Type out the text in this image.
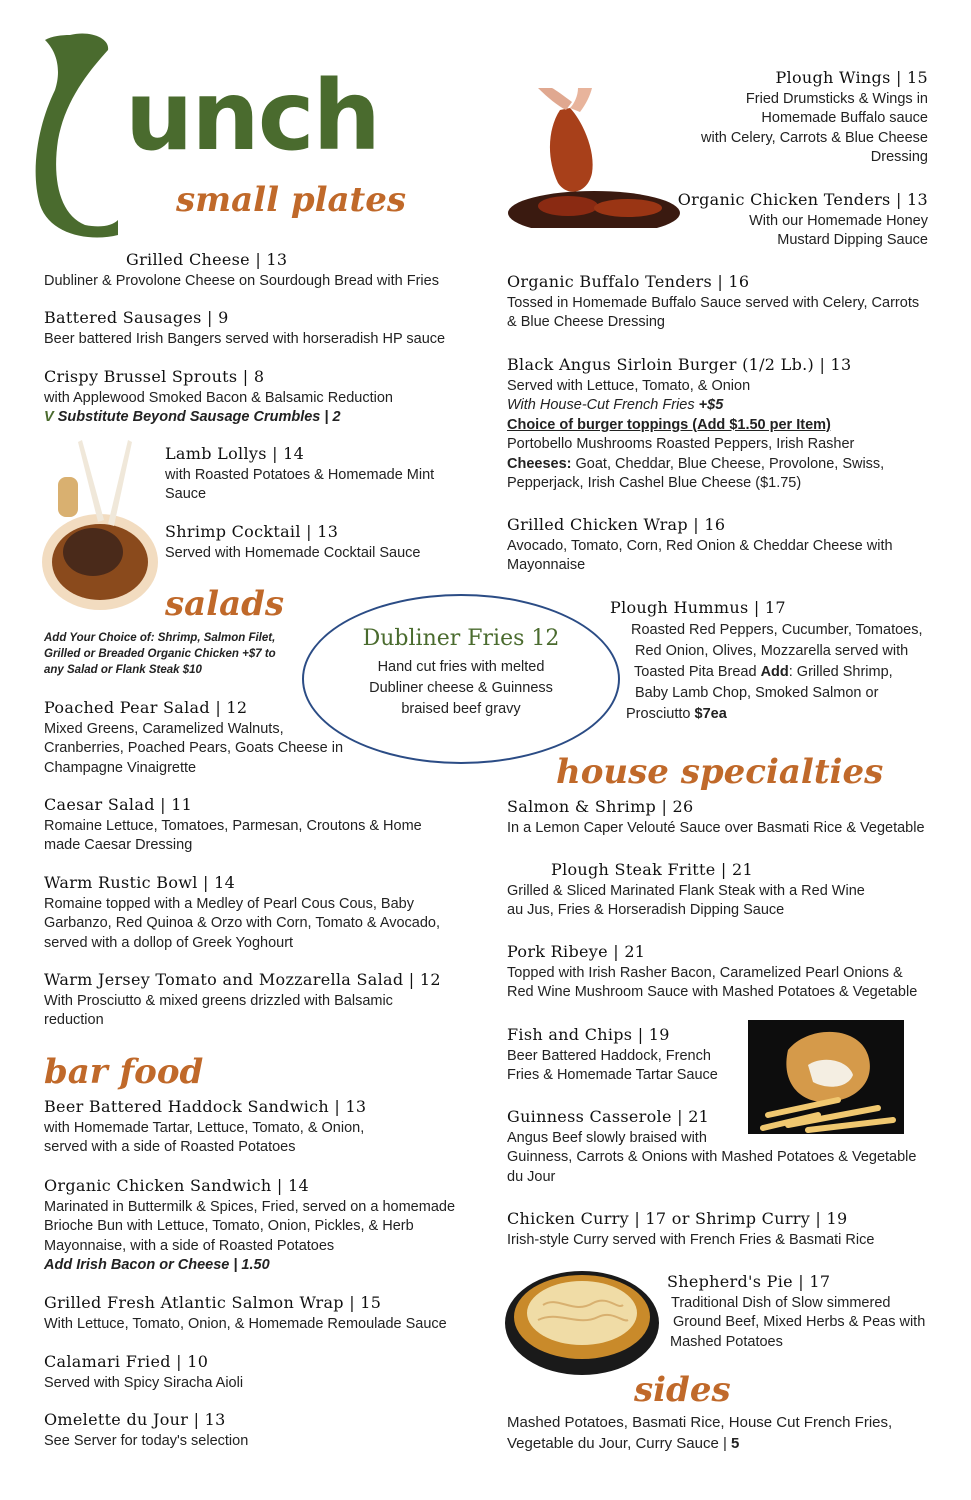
L
unch
small plates
Plough Wings | 15
Fried Drumsticks & Wings in
Homemade Buffalo sauce
with Celery, Carrots & Blue Cheese
Dressing
Organic Chicken Tenders | 13
With our Homemade Honey
Mustard Dipping Sauce
Grilled Cheese | 13
Dubliner & Provolone Cheese on Sourdough Bread with Fries
Battered Sausages | 9
Beer battered Irish Bangers served with horseradish HP sauce
Crispy Brussel Sprouts | 8
with Applewood Smoked Bacon & Balsamic Reduction
V Substitute Beyond Sausage Crumbles | 2
Lamb Lollys | 14
with Roasted Potatoes & Homemade Mint
Sauce
Shrimp Cocktail | 13
Served with Homemade Cocktail Sauce
Organic Buffalo Tenders | 16
Tossed in Homemade Buffalo Sauce served with Celery, Carrots
& Blue Cheese Dressing
Black Angus Sirloin Burger (1/2 Lb.) | 13
Served with Lettuce, Tomato, & Onion
With House-Cut French Fries +$5
Choice of burger toppings (Add $1.50 per Item)
Portobello Mushrooms Roasted Peppers, Irish Rasher
Cheeses: Goat, Cheddar, Blue Cheese, Provolone, Swiss,
Pepperjack, Irish Cashel Blue Cheese ($1.75)
Grilled Chicken Wrap | 16
Avocado, Tomato, Corn, Red Onion & Cheddar Cheese with
Mayonnaise
salads
Add Your Choice of: Shrimp, Salmon Filet,
Grilled or Breaded Organic Chicken +$7 to
any Salad or Flank Steak $10
Dubliner Fries 12
Hand cut fries with melted
Dubliner cheese & Guinness
braised beef gravy
Plough Hummus | 17
Roasted Red Peppers, Cucumber, Tomatoes,
Red Onion, Olives, Mozzarella served with
Toasted Pita Bread Add: Grilled Shrimp,
Baby Lamb Chop, Smoked Salmon or
Prosciutto $7ea
Poached Pear Salad | 12
Mixed Greens, Caramelized Walnuts,
Cranberries, Poached Pears, Goats Cheese in
Champagne Vinaigrette
Caesar Salad | 11
Romaine Lettuce, Tomatoes, Parmesan, Croutons & Home
made Caesar Dressing
Warm Rustic Bowl | 14
Romaine topped with a Medley of Pearl Cous Cous, Baby
Garbanzo, Red Quinoa & Orzo with Corn, Tomato & Avocado,
served with a dollop of Greek Yoghourt
Warm Jersey Tomato and Mozzarella Salad | 12
With Prosciutto & mixed greens drizzled with Balsamic
reduction
house specialties
Salmon & Shrimp | 26
In a Lemon Caper Velouté Sauce over Basmati Rice & Vegetable
Plough Steak Fritte | 21
Grilled & Sliced Marinated Flank Steak with a Red Wine
au Jus, Fries & Horseradish Dipping Sauce
Pork Ribeye | 21
Topped with Irish Rasher Bacon, Caramelized Pearl Onions &
Red Wine Mushroom Sauce with Mashed Potatoes & Vegetable
Fish and Chips | 19
Beer Battered Haddock, French
Fries & Homemade Tartar Sauce
Guinness Casserole | 21
Angus Beef slowly braised with
Guinness, Carrots & Onions with Mashed Potatoes & Vegetable
du Jour
Chicken Curry | 17 or Shrimp Curry | 19
Irish-style Curry served with French Fries & Basmati Rice
Shepherd's Pie | 17
Traditional Dish of Slow simmered
Ground Beef, Mixed Herbs & Peas with
Mashed Potatoes
sides
Mashed Potatoes, Basmati Rice, House Cut French Fries,
Vegetable du Jour, Curry Sauce | 5
bar food
Beer Battered Haddock Sandwich | 13
with Homemade Tartar, Lettuce, Tomato, & Onion,
served with a side of Roasted Potatoes
Organic Chicken Sandwich | 14
Marinated in Buttermilk & Spices, Fried, served on a homemade
Brioche Bun with Lettuce, Tomato, Onion, Pickles, & Herb
Mayonnaise, with a side of Roasted Potatoes
Add Irish Bacon or Cheese | 1.50
Grilled Fresh Atlantic Salmon Wrap | 15
With Lettuce, Tomato, Onion, & Homemade Remoulade Sauce
Calamari Fried | 10
Served with Spicy Siracha Aioli
Omelette du Jour | 13
See Server for today's selection
